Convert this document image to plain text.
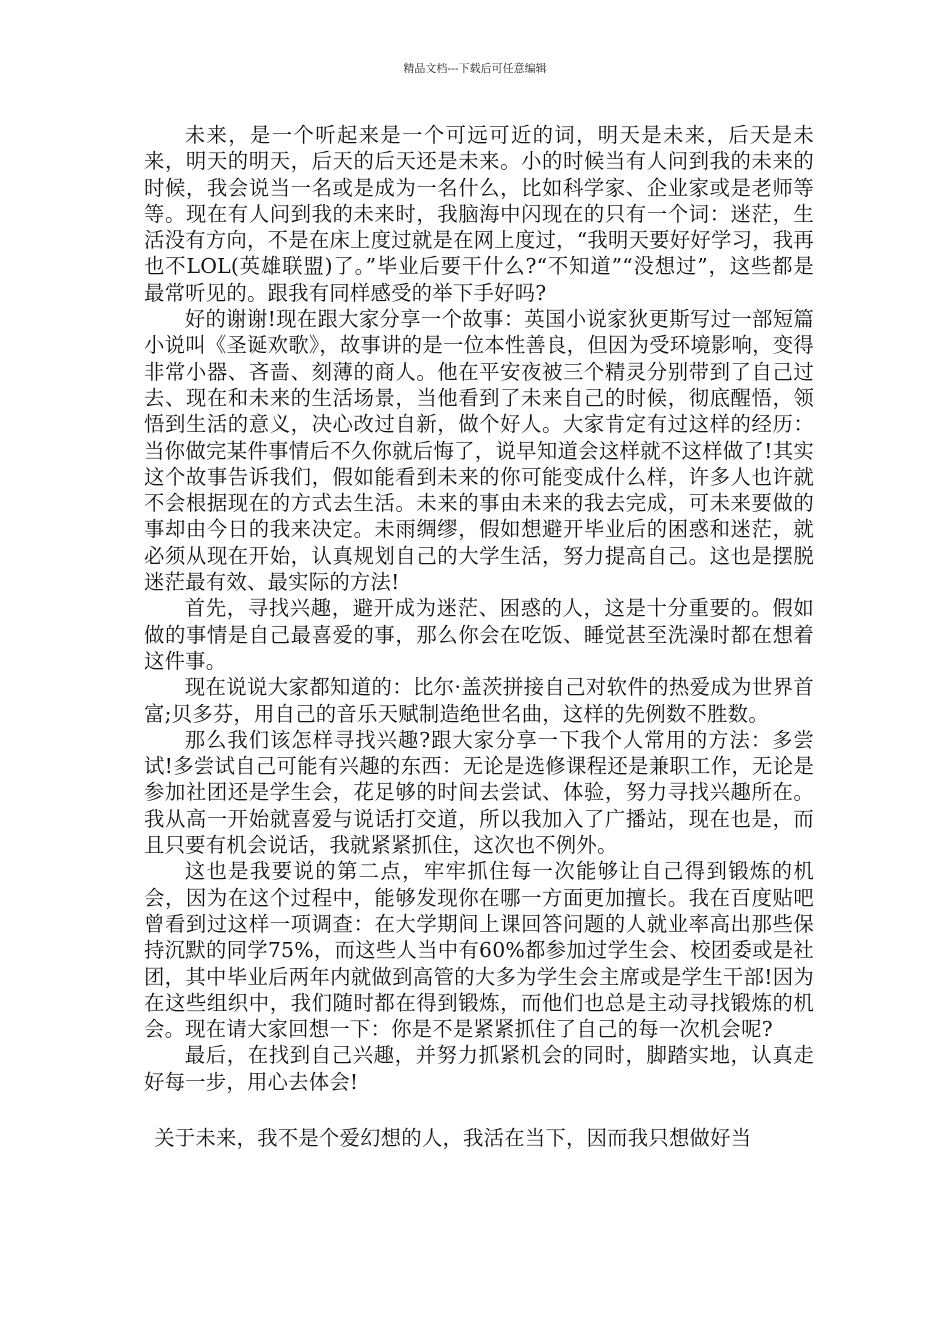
精品文档---下载后可任意编辑

未来，是一个听起来是一个可远可近的词，明天是未来，后天是未来，明天的明天，后天的后天还是未来。小的时候当有人问到我的未来的时候，我会说当一名或是成为一名什么，比如科学家、企业家或是老师等等。现在有人问到我的未来时，我脑海中闪现在的只有一个词：迷茫，生活没有方向，不是在床上度过就是在网上度过，“我明天要好好学习，我再也不LOL(英雄联盟)了。”毕业后要干什么?“不知道”“没想过”，这些都是最常听见的。跟我有同样感受的举下手好吗?

好的谢谢!现在跟大家分享一个故事：英国小说家狄更斯写过一部短篇小说叫《圣诞欢歌》，故事讲的是一位本性善良，但因为受环境影响，变得非常小器、吝啬、刻薄的商人。他在平安夜被三个精灵分别带到了自己过去、现在和未来的生活场景，当他看到了未来自己的时候，彻底醒悟，领悟到生活的意义，决心改过自新，做个好人。大家肯定有过这样的经历：当你做完某件事情后不久你就后悔了，说早知道会这样就不这样做了!其实这个故事告诉我们，假如能看到未来的你可能变成什么样，许多人也许就不会根据现在的方式去生活。未来的事由未来的我去完成，可未来要做的事却由今日的我来决定。未雨绸缪，假如想避开毕业后的困惑和迷茫，就必须从现在开始，认真规划自己的大学生活，努力提高自己。这也是摆脱迷茫最有效、最实际的方法!

首先，寻找兴趣，避开成为迷茫、困惑的人，这是十分重要的。假如做的事情是自己最喜爱的事，那么你会在吃饭、睡觉甚至洗澡时都在想着这件事。

现在说说大家都知道的：比尔·盖茨拼接自己对软件的热爱成为世界首富;贝多芬，用自己的音乐天赋制造绝世名曲，这样的先例数不胜数。

那么我们该怎样寻找兴趣?跟大家分享一下我个人常用的方法：多尝试!多尝试自己可能有兴趣的东西：无论是选修课程还是兼职工作，无论是参加社团还是学生会，花足够的时间去尝试、体验，努力寻找兴趣所在。我从高一开始就喜爱与说话打交道，所以我加入了广播站，现在也是，而且只要有机会说话，我就紧紧抓住，这次也不例外。

这也是我要说的第二点，牢牢抓住每一次能够让自己得到锻炼的机会，因为在这个过程中，能够发现你在哪一方面更加擅长。我在百度贴吧曾看到过这样一项调查：在大学期间上课回答问题的人就业率高出那些保持沉默的同学75%，而这些人当中有60%都参加过学生会、校团委或是社团，其中毕业后两年内就做到高管的大多为学生会主席或是学生干部!因为在这些组织中，我们随时都在得到锻炼，而他们也总是主动寻找锻炼的机会。现在请大家回想一下：你是不是紧紧抓住了自己的每一次机会呢?

最后，在找到自己兴趣，并努力抓紧机会的同时，脚踏实地，认真走好每一步，用心去体会!

关于未来，我不是个爱幻想的人，我活在当下，因而我只想做好当
